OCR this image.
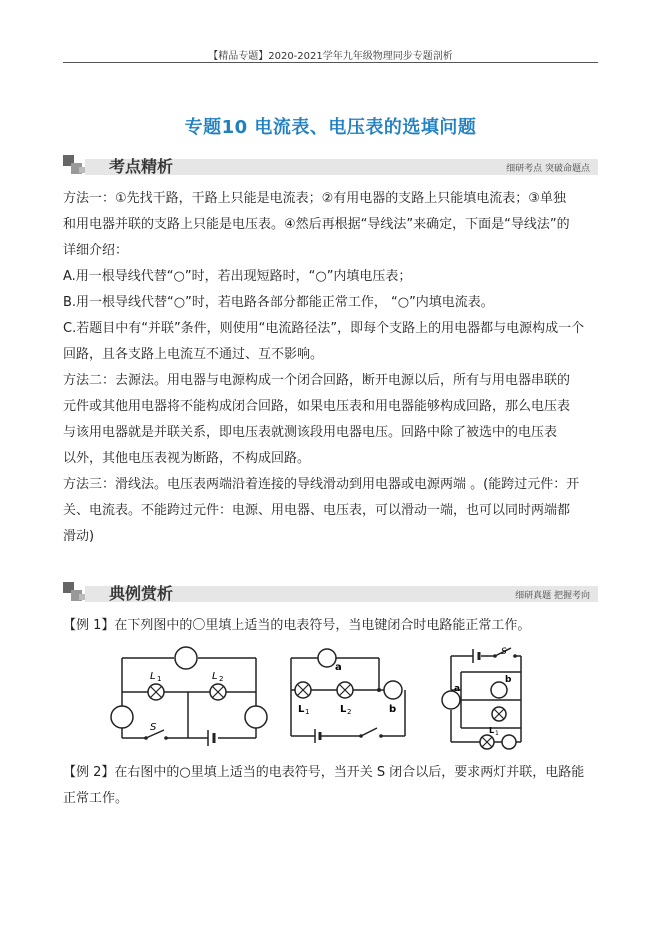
【精品专题】2020-2021学年九年级物理同步专题剖析
专题10 电流表、电压表的选填问题
考点精析	细研考点 突破命题点

方法一：①先找干路，干路上只能是电流表；②有用电器的支路上只能填电流表；③单独

和用电器并联的支路上只能是电压表。④然后再根据“导线法”来确定，下面是“导线法”的

详细介绍：

A.用一根导线代替“○”时，若出现短路时，“○”内填电压表；

B.用一根导线代替“○”时，若电路各部分都能正常工作， “○”内填电流表。

C.若题目中有“并联”条件，则使用“电流路径法”，即每个支路上的用电器都与电源构成一个

回路，且各支路上电流互不通过、互不影响。

方法二：去源法。用电器与电源构成一个闭合回路，断开电源以后，所有与用电器串联的

元件或其他用电器将不能构成闭合回路，如果电压表和用电器能够构成回路，那么电压表

与该用电器就是并联关系，即电压表就测该段用电器电压。回路中除了被选中的电压表

以外，其他电压表视为断路，不构成回路。

方法三：滑线法。电压表两端沿着连接的导线滑动到用电器或电源两端 。(能跨过元件：开

关、电流表。不能跨过元件：电源、用电器、电压表，可以滑动一端，也可以同时两端都

滑动)

典例赏析	细研真题 把握考向

【例 1】在下列图中的〇里填上适当的电表符号，当电键闭合时电路能正常工作。

L 1	L 2
S
a
b
L 1	L 2
a
b
S
L 1

【例 2】在右图中的○里填上适当的电表符号，当开关 S 闭合以后，要求两灯并联，电路能

正常工作。
